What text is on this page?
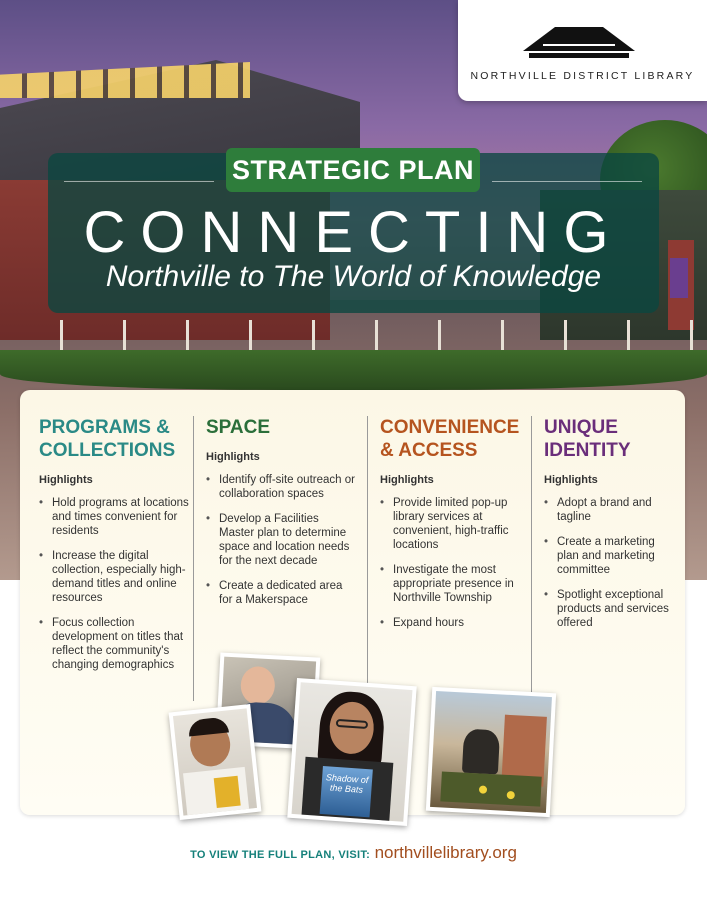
NORTHVILLE DISTRICT LIBRARY
STRATEGIC PLAN
CONNECTING
Northville to The World of Knowledge
PROGRAMS &
COLLECTIONS
Highlights
• Hold programs at locations and times convenient for residents
• Increase the digital collection, especially high-demand titles and online resources
• Focus collection development on titles that reflect the community's changing demographics
SPACE
Highlights
• Identify off-site outreach or collaboration spaces
• Develop a Facilities Master plan to determine space and location needs for the next decade
• Create a dedicated area for a Makerspace
CONVENIENCE
& ACCESS
Highlights
• Provide limited pop-up library services at convenient, high-traffic locations
• Investigate the most appropriate presence in Northville Township
• Expand hours
UNIQUE
IDENTITY
Highlights
• Adopt a brand and tagline
• Create a marketing plan and marketing committee
• Spotlight exceptional products and services offered
Shadow of the Bats
TO VIEW THE FULL PLAN, VISIT: northvillelibrary.org
